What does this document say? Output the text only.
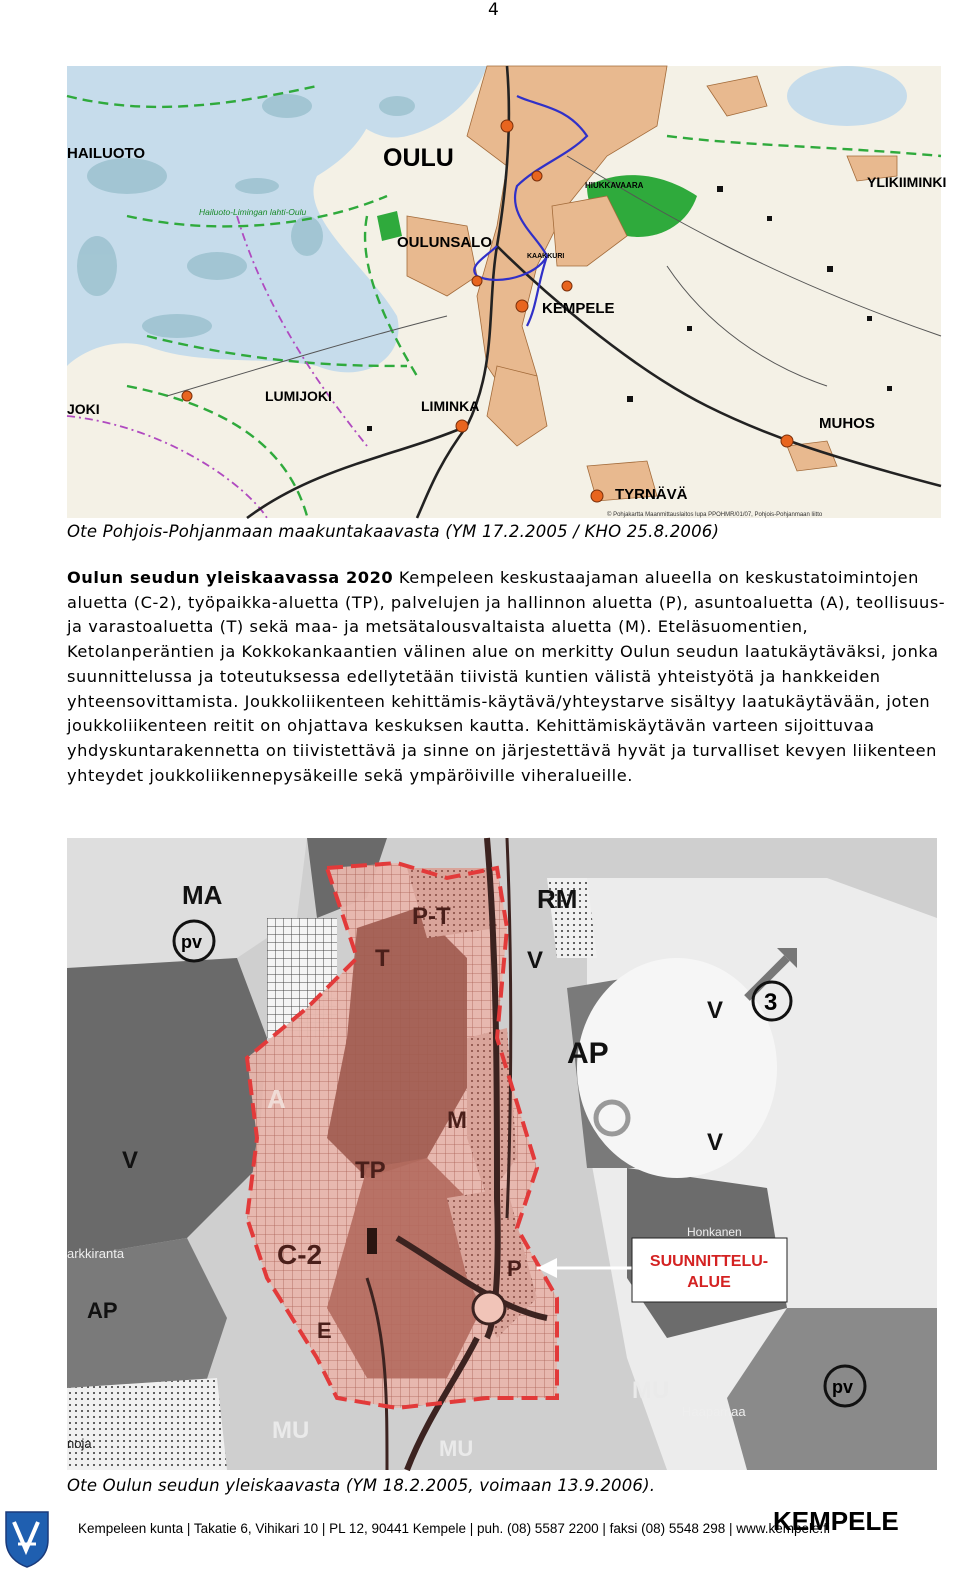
4
HAILUOTO	OULU
OULUNSALO
KEMPELE
LUMIJOKI
LIMINKA
MUHOS
TYRNÄVÄ
YLIKIIMINKI
JOKI
HIUKKAVAARA
KAAKKURI
Hailuoto-Limingan lahti-Oulu
© Pohjakartta Maanmittauslaitos lupa PPOHMR/01/07, Pohjois-Pohjanmaan liitto
Ote Pohjois-Pohjanmaan maakuntakaavasta (YM 17.2.2005 / KHO 25.8.2006)
Oulun seudun yleiskaavassa 2020 Kempeleen keskustaajaman alueella on keskustatoimintojen aluetta (C-2), työpaikka-aluetta (TP), palvelujen ja hallinnon aluetta (P), asuntoaluetta (A), teollisuus- ja varastoaluetta (T) sekä maa- ja metsätalousvaltaista aluetta (M). Eteläsuomentien, Ketolanperäntien ja Kokkokankaantien välinen alue on merkitty Oulun seudun laatukäytäväksi, jonka suunnittelussa ja toteutuksessa edellytetään tiivistä kuntien välistä yhteistyötä ja hankkeiden yhteensovittamista. Joukkoliikenteen kehittämis-käytävä/yhteystarve sisältyy laatukäytävään, joten joukkoliikenteen reitit on ohjattava keskuksen kautta. Kehittämiskäytävän varteen sijoittuvaa yhdyskuntarakennetta on tiivistettävä ja sinne on järjestettävä hyvät ja turvalliset kevyen liikenteen yhteydet joukkoliikennepysäkeille sekä ympäröiville viheralueille.
SUUNNITTELU-
ALUE
MA	RM
AP
AP
V
V
V
V
A
M
TP
T
P
C-2
P-T
E
MU
MU
MU
pv
pv
3
KEMPELE
Honkanen
Haapamaa
arkkiranta
noja
Ote Oulun seudun yleiskaavasta (YM 18.2.2005, voimaan 13.9.2006).
Kempeleen kunta | Takatie 6, Vihikari 10 | PL 12, 90441 Kempele | puh. (08) 5587 2200 | faksi (08) 5548 298 | www.kempele.fi
